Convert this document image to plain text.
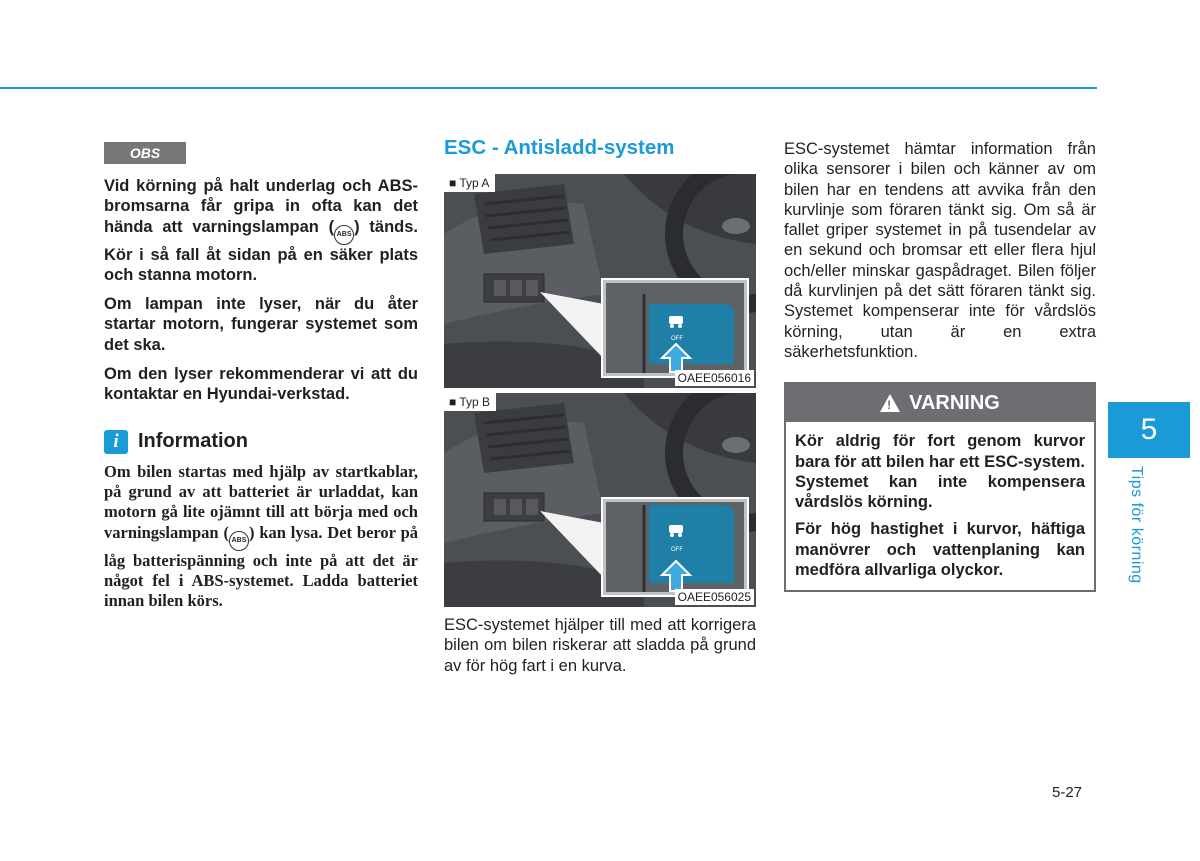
OBS

Vid körning på halt underlag och ABS-bromsarna får gripa in ofta kan det hända att varningslampan ( ABS ) tänds. Kör i så fall åt sidan på en säker plats och stanna motorn.

Om lampan inte lyser, när du åter startar motorn, fungerar systemet som det ska.

Om den lyser rekommenderar vi att du kontaktar en Hyundai-verkstad.

i Information

Om bilen startas med hjälp av startkablar, på grund av att batteriet är urladdat, kan motorn gå lite ojämnt till att börja med och varningslampan ( ABS ) kan lysa. Det beror på låg batterispänning och inte på att det är något fel i ABS-systemet. Ladda batteriet innan bilen körs.

ESC - Antisladd-system
OFF
■ Typ A
OAEE056016
OFF
■ Typ B
OAEE056025

ESC-systemet hjälper till med att korrigera bilen om bilen riskerar att sladda på grund av för hög fart i en kurva.

ESC-systemet hämtar information från olika sensorer i bilen och känner av om bilen har en tendens att avvika från den kurvlinje som föraren tänkt sig. Om så är fallet griper systemet in på tusendelar av en sekund och bromsar ett eller flera hjul och/eller minskar gaspådraget. Bilen följer då kurvlinjen på det sätt föraren tänkt sig. Systemet kompenserar inte för vårdslös körning, utan är en extra säkerhetsfunktion.

! VARNING

Kör aldrig för fort genom kurvor bara för att bilen har ett ESC-system. Systemet kan inte kompensera vårdslös körning.

För hög hastighet i kurvor, häftiga manövrer och vattenplaning kan medföra allvarliga olyckor.

5
Tips för körning
5-27
